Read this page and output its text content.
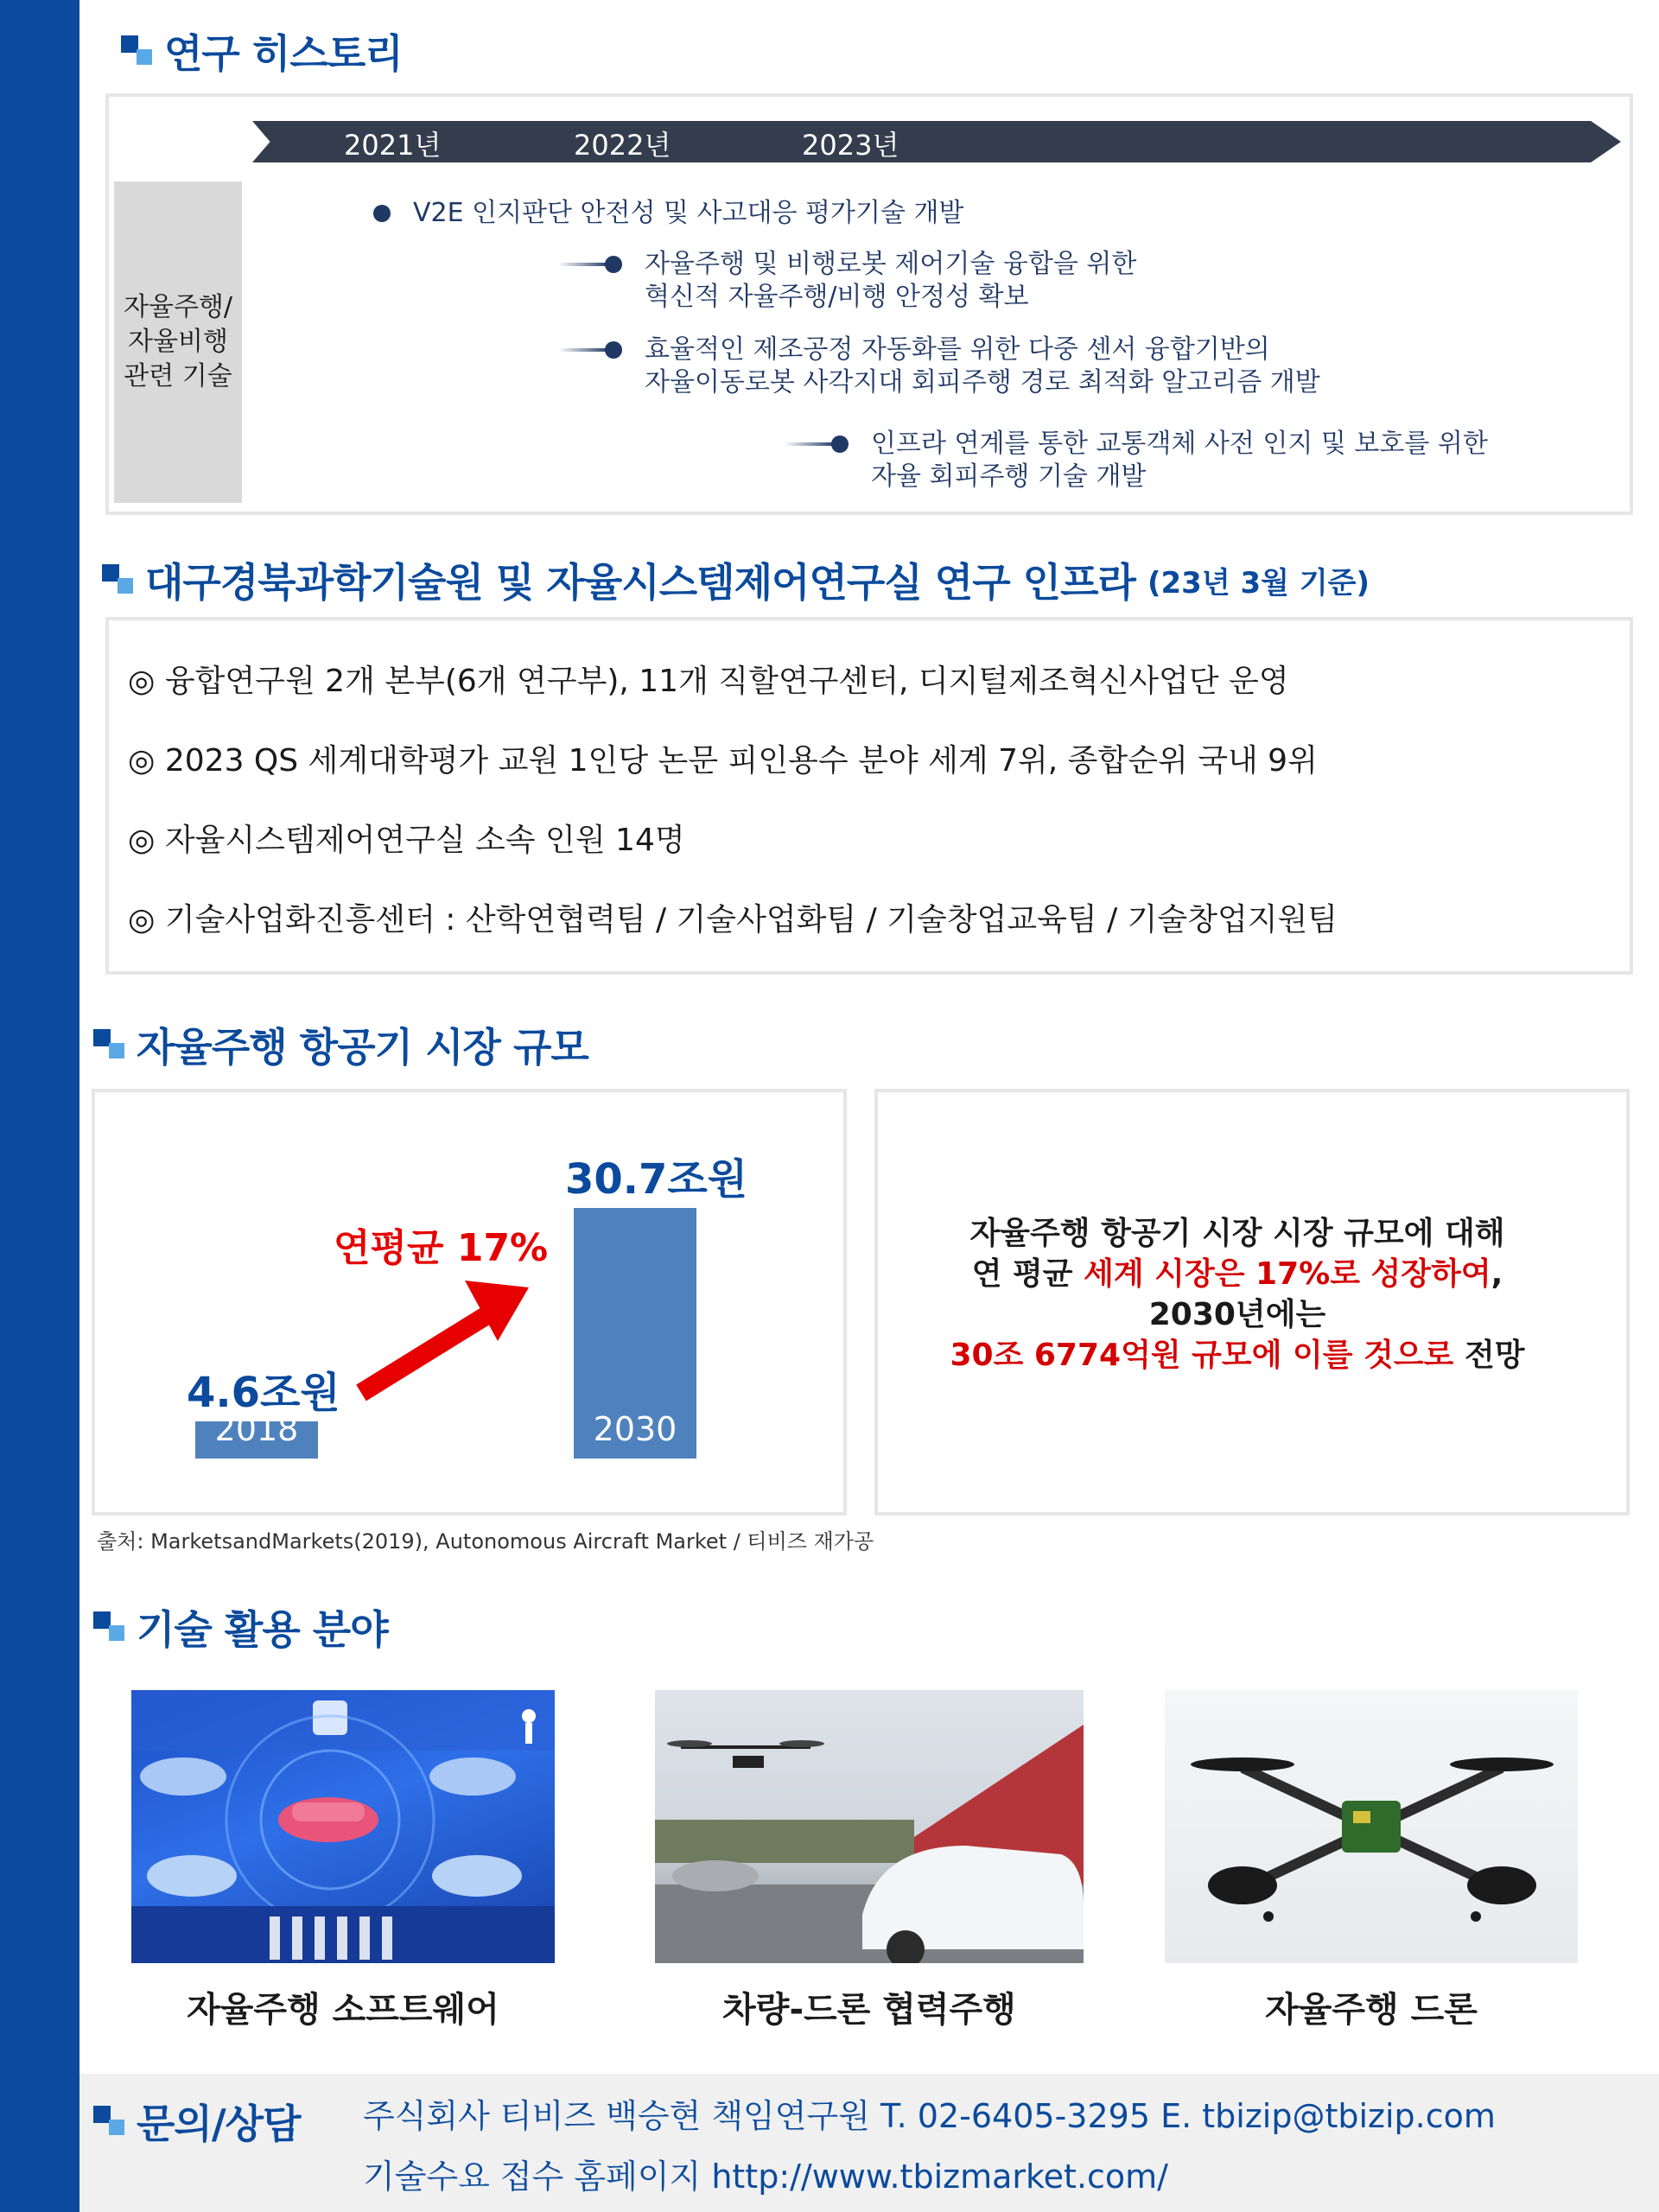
연구 히스토리
2021년	2022년	2023년
자율주행/
자율비행
관련 기술
V2E 인지판단 안전성 및 사고대응 평가기술 개발
자율주행 및 비행로봇 제어기술 융합을 위한
혁신적 자율주행/비행 안정성 확보
효율적인 제조공정 자동화를 위한 다중 센서 융합기반의
자율이동로봇 사각지대 회피주행 경로 최적화 알고리즘 개발
인프라 연계를 통한 교통객체 사전 인지 및 보호를 위한
자율 회피주행 기술 개발
대구경북과학기술원 및 자율시스템제어연구실 연구 인프라 (23년 3월 기준)
◎ 융합연구원 2개 본부(6개 연구부), 11개 직할연구센터, 디지털제조혁신사업단 운영
◎ 2023 QS 세계대학평가 교원 1인당 논문 피인용수 분야 세계 7위, 종합순위 국내 9위
◎ 자율시스템제어연구실 소속 인원 14명
◎ 기술사업화진흥센터 : 산학연협력팀 / 기술사업화팀 / 기술창업교육팀 / 기술창업지원팀
자율주행 항공기 시장 규모
2018	2030
4.6조원
30.7조원
연평균 17%	자율주행 항공기 시장 시장 규모에 대해
연 평균 세계 시장은 17%로 성장하여,
2030년에는
30조 6774억원 규모에 이를 것으로 전망
출처: MarketsandMarkets(2019), Autonomous Aircraft Market / 티비즈 재가공
기술 활용 분야
자율주행 소프트웨어	차량-드론 협력주행	자율주행 드론
문의/상담 주식회사 티비즈 백승현 책임연구원 T. 02-6405-3295 E. tbizip@tbizip.com
기술수요 접수 홈페이지 http://www.tbizmarket.com/
